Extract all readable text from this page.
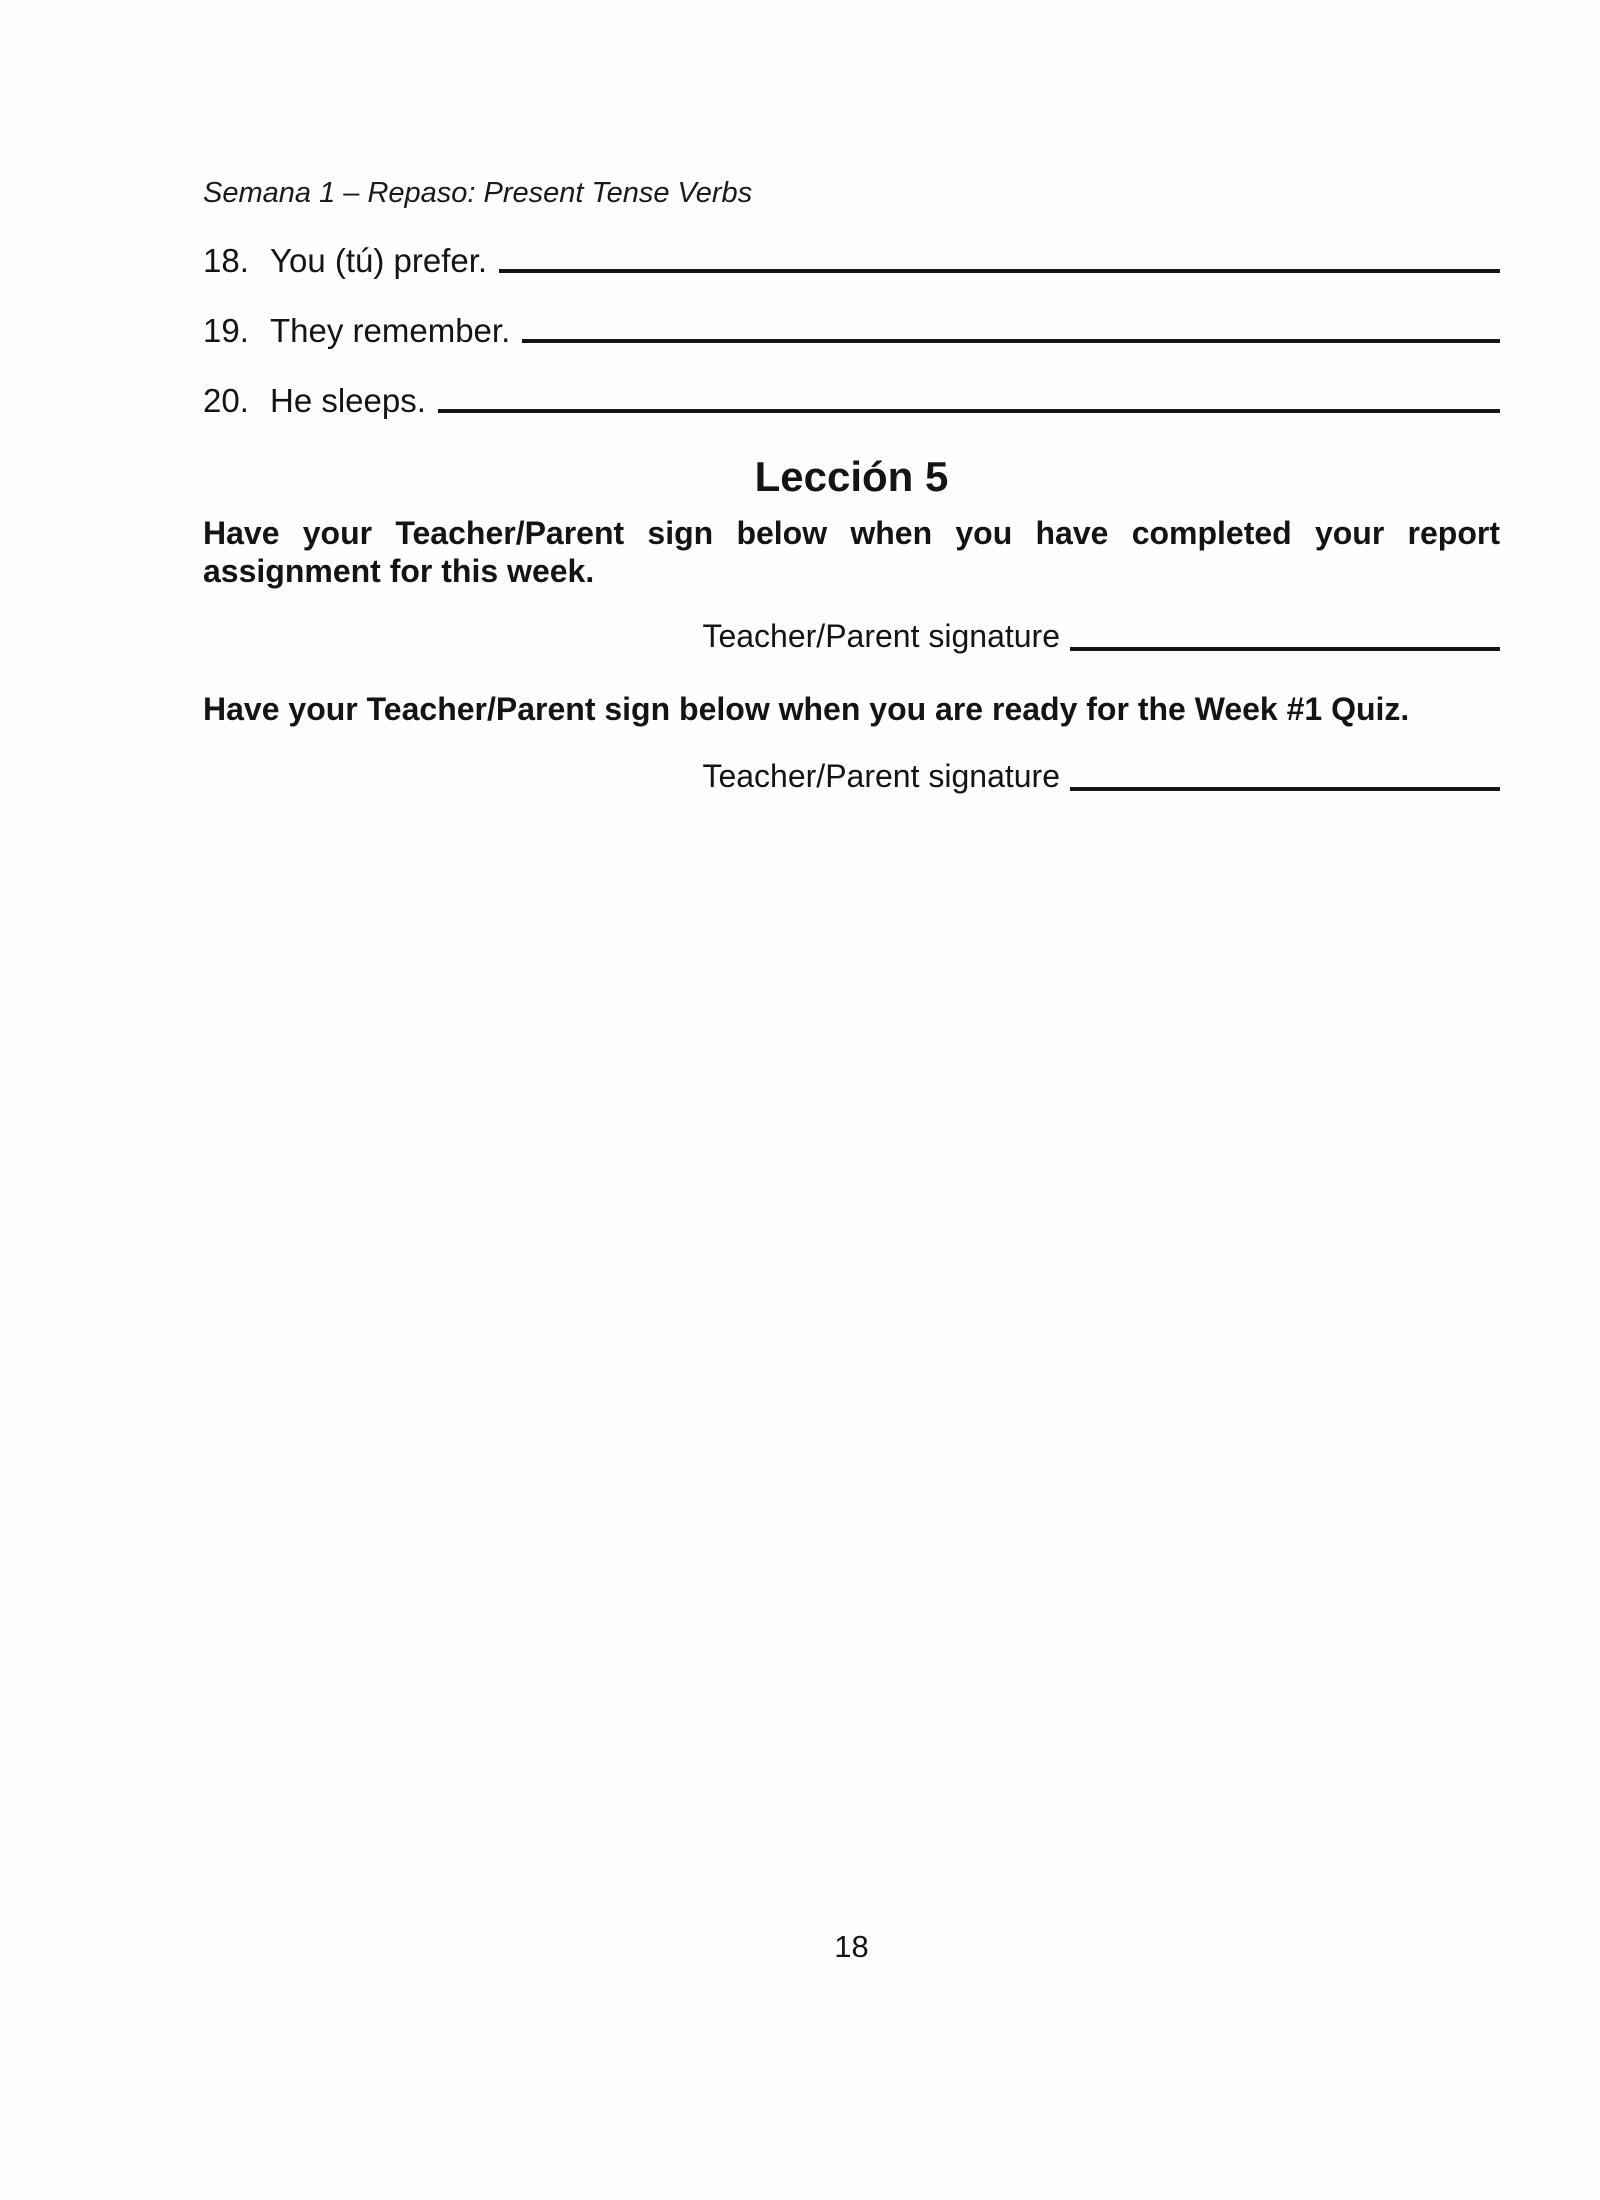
Semana 1 – Repaso: Present Tense Verbs
18. You (tú) prefer.
19. They remember.
20. He sleeps.
Lección 5
Have your Teacher/Parent sign below when you have completed your report assignment for this week.
Teacher/Parent signature
Have your Teacher/Parent sign below when you are ready for the Week #1 Quiz.
Teacher/Parent signature
18
